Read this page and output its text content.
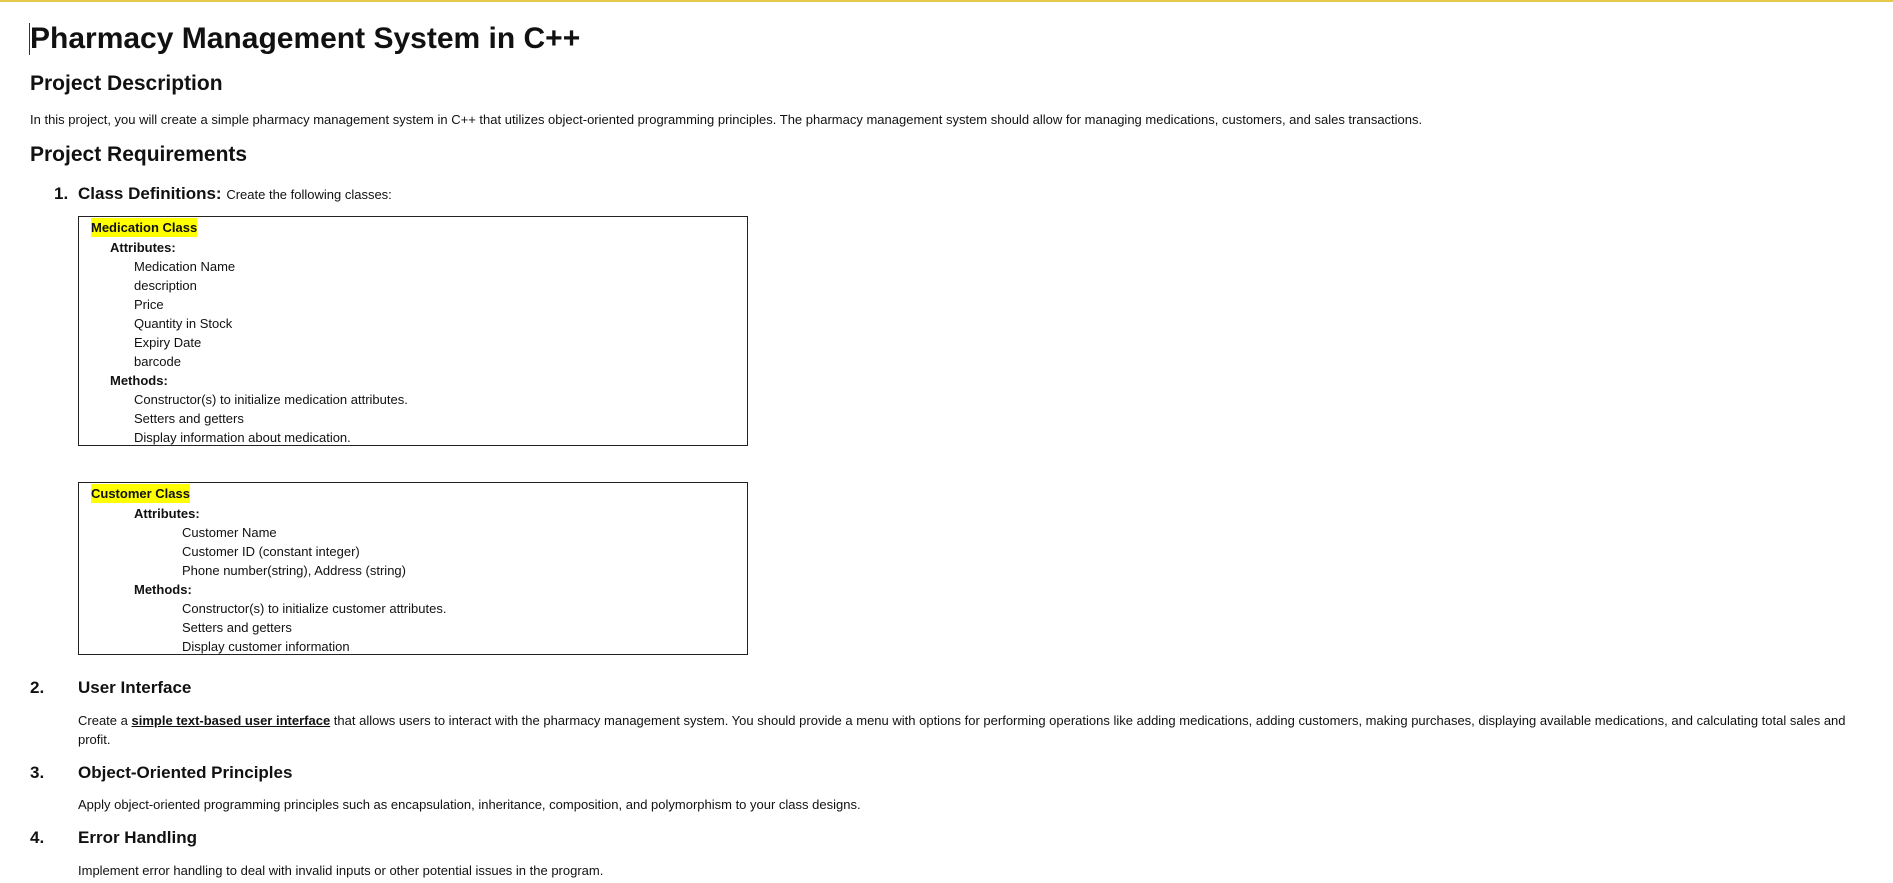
Pharmacy Management System in C++
Project Description

In this project, you will create a simple pharmacy management system in C++ that utilizes object-oriented programming principles. The pharmacy management system should allow for managing medications, customers, and sales transactions.

Project Requirements
1. Class Definitions: Create the following classes:
Medication Class
Attributes:
Medication Name
description
Price
Quantity in Stock
Expiry Date
barcode
Methods:
Constructor(s) to initialize medication attributes.
Setters and getters
Display information about medication.
Customer Class
Attributes:
Customer Name
Customer ID (constant integer)
Phone number(string), Address (string)
Methods:
Constructor(s) to initialize customer attributes.
Setters and getters
Display customer information
2. User Interface

Create a simple text-based user interface that allows users to interact with the pharmacy management system. You should provide a menu with options for performing operations like adding medications, adding customers, making purchases, displaying available medications, and calculating total sales and profit.

3. Object-Oriented Principles

Apply object-oriented programming principles such as encapsulation, inheritance, composition, and polymorphism to your class designs.

4. Error Handling

Implement error handling to deal with invalid inputs or other potential issues in the program.
